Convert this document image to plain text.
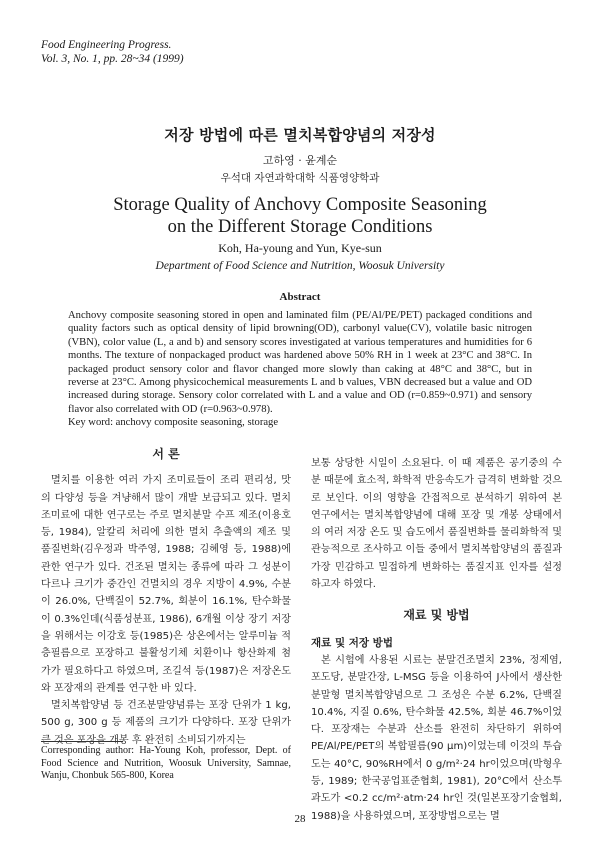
Food Engineering Progress.
Vol. 3, No. 1, pp. 28~34 (1999)
저장 방법에 따른 멸치복합양념의 저장성
고하영 · 윤계순
우석대 자연과학대학 식품영양학과
Storage Quality of Anchovy Composite Seasoning
on the Different Storage Conditions
Koh, Ha-young and Yun, Kye-sun
Department of Food Science and Nutrition, Woosuk University
Abstract
Anchovy composite seasoning stored in open and laminated film (PE/Al/PE/PET) packaged conditions and quality factors such as optical density of lipid browning(OD), carbonyl value(CV), volatile basic nitrogen (VBN), color value (L, a and b) and sensory scores investigated at various temperatures and humidities for 6 months. The texture of nonpackaged product was hardened above 50% RH in 1 week at 23°C and 38°C. In packaged product sensory color and flavor changed more slowly than caking at 48°C and 38°C, but in reverse at 23°C. Among physicochemical measurements L and b values, VBN decreased but a value and OD increased during storage. Sensory color correlated with L and a value and OD (r=0.859~0.971) and sensory flavor also correlated with OD (r=0.963~0.978).
Key word: anchovy composite seasoning, storage
서 론

멸치를 이용한 여러 가지 조미료들이 조리 편리성, 맛의 다양성 등을 겨냥해서 많이 개발 보급되고 있다. 멸치 조미료에 대한 연구로는 주로 멸치분말 수프 제조(이용호 등, 1984), 알칼리 처리에 의한 멸치 추출액의 제조 및 품질변화(김우정과 박주영, 1988; 김혜영 등, 1988)에 관한 연구가 있다. 건조된 멸치는 종류에 따라 그 성분이 다르나 크기가 중간인 건멸치의 경우 지방이 4.9%, 수분이 26.0%, 단백질이 52.7%, 회분이 16.1%, 탄수화물이 0.3%인데(식품성분표, 1986), 6개월 이상 장기 저장을 위해서는 이강호 등(1985)은 상온에서는 알루미늄 적층필름으로 포장하고 불활성기체 치환이나 항산화제 첨가가 필요하다고 하였으며, 조길석 등(1987)은 저장온도와 포장재의 관계를 연구한 바 있다.

멸치복합양념 등 건조분말양념류는 포장 단위가 1 kg, 500 g, 300 g 등 제품의 크기가 다양하다. 포장 단위가 큰 것은 포장을 개봉 후 완전히 소비되기까지는

Corresponding author: Ha-Young Koh, professor, Dept. of Food Science and Nutrition, Woosuk University, Samnae, Wanju, Chonbuk 565-800, Korea

보통 상당한 시일이 소요된다. 이 때 제품은 공기중의 수분 때문에 효소적, 화학적 반응속도가 급격히 변화할 것으로 보인다. 이의 영향을 간접적으로 분석하기 위하여 본 연구에서는 멸치복합양념에 대해 포장 및 개봉 상태에서의 여러 저장 온도 및 습도에서 품질변화를 물리화학적 및 관능적으로 조사하고 이들 중에서 멸치복합양념의 품질과 가장 민감하고 밀접하게 변화하는 품질지표 인자를 설정하고자 하였다.

재료 및 방법
재료 및 저장 방법

본 시험에 사용된 시료는 분말건조멸치 23%, 정제염, 포도당, 분말간장, L-MSG 등을 이용하여 J사에서 생산한 분말형 멸치복합양념으로 그 조성은 수분 6.2%, 단백질 10.4%, 지질 0.6%, 탄수화물 42.5%, 회분 46.7%이었다. 포장재는 수분과 산소를 완전히 차단하기 위하여 PE/Al/PE/PET의 복합필름(90 μm)이었는데 이것의 투습도는 40°C, 90%RH에서 0 g/m²·24 hr이었으며(박형우 등, 1989; 한국공업표준협회, 1981), 20°C에서 산소투과도가 <0.2 cc/m²·atm·24 hr인 것(일본포장기술협회, 1988)을 사용하였으며, 포장방법으로는 멸

28
